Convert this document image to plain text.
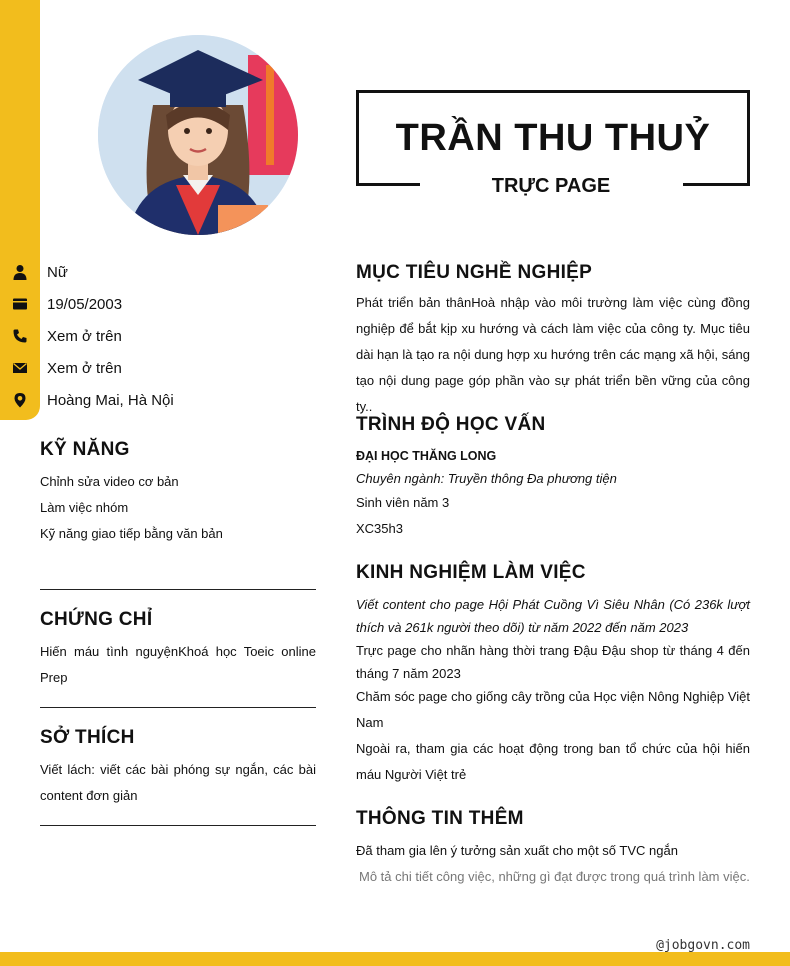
TRẦN THU THUỶ
TRỰC PAGE
Nữ
19/05/2003
Xem ở trên
Xem ở trên
Hoàng Mai, Hà Nội
KỸ NĂNG
Chỉnh sửa video cơ bản
Làm việc nhóm
Kỹ năng giao tiếp bằng văn bản
CHỨNG CHỈ
Hiến máu tình nguyệnKhoá học Toeic online Prep
SỞ THÍCH
Viết lách: viết các bài phóng sự ngắn, các bài content đơn giản
MỤC TIÊU NGHỀ NGHIỆP
Phát triển bản thânHoà nhập vào môi trường làm việc cùng đồng nghiệp để bắt kịp xu hướng và cách làm việc của công ty. Mục tiêu dài hạn là tạo ra nội dung hợp xu hướng trên các mạng xã hội, sáng tạo nội dung page góp phần vào sự phát triển bền vững của công ty..
TRÌNH ĐỘ HỌC VẤN
ĐẠI HỌC THĂNG LONG
Chuyên ngành: Truyền thông Đa phương tiện
Sinh viên năm 3
XC35h3
KINH NGHIỆM LÀM VIỆC
Viết content cho page Hội Phát Cuồng Vì Siêu Nhân (Có 236k lượt thích và 261k người theo dõi) từ năm 2022 đến năm 2023
Trực page cho nhãn hàng thời trang Đậu Đậu shop từ tháng 4 đến tháng 7 năm 2023
Chăm sóc page cho giống cây trồng của Học viện Nông Nghiệp Việt Nam
Ngoài ra, tham gia các hoạt động trong ban tổ chức của hội hiến máu Người Việt trẻ
THÔNG TIN THÊM
Đã tham gia lên ý tưởng sản xuất cho một số TVC ngắn
Mô tả chi tiết công việc, những gì đạt được trong quá trình làm việc.
@jobgovn.com
